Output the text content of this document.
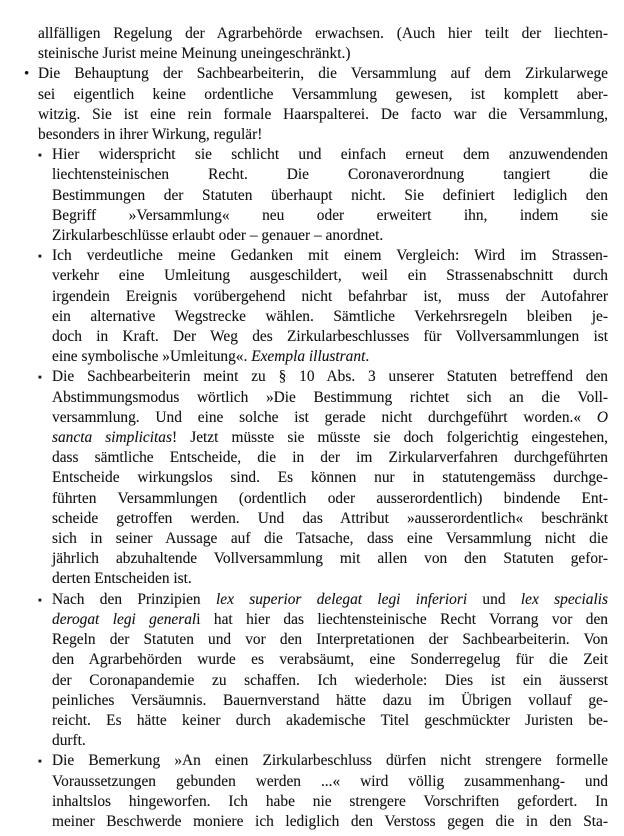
allfälligen Regelung der Agrarbehörde erwachsen. (Auch hier teilt der liechten-
steinische Jurist meine Meinung uneingeschränkt.)
• Die Behauptung der Sachbearbeiterin, die Versammlung auf dem Zirkularwege
sei eigentlich keine ordentliche Versammlung gewesen, ist komplett aber-
witzig. Sie ist eine rein formale Haarspalterei. De facto war die Versammlung,
besonders in ihrer Wirkung, regulär!
▪ Hier widerspricht sie schlicht und einfach erneut dem anzuwendenden
liechtensteinischen Recht. Die Coronaverordnung tangiert die
Bestimmungen der Statuten überhaupt nicht. Sie definiert lediglich den
Begriff »Versammlung« neu oder erweitert ihn, indem sie
Zirkularbeschlüsse erlaubt oder – genauer – anordnet.
▪ Ich verdeutliche meine Gedanken mit einem Vergleich: Wird im Strassen-
verkehr eine Umleitung ausgeschildert, weil ein Strassenabschnitt durch
irgendein Ereignis vorübergehend nicht befahrbar ist, muss der Autofahrer
ein alternative Wegstrecke wählen. Sämtliche Verkehrsregeln bleiben je-
doch in Kraft. Der Weg des Zirkularbeschlusses für Vollversammlungen ist
eine symbolische »Umleitung«. Exempla illustrant.
▪ Die Sachbearbeiterin meint zu § 10 Abs. 3 unserer Statuten betreffend den
Abstimmungsmodus wörtlich »Die Bestimmung richtet sich an die Voll-
versammlung. Und eine solche ist gerade nicht durchgeführt worden.« O
sancta simplicitas! Jetzt müsste sie müsste sie doch folgerichtig eingestehen,
dass sämtliche Entscheide, die in der im Zirkularverfahren durchgeführten
Entscheide wirkungslos sind. Es können nur in statutengemäss durchge-
führten Versammlungen (ordentlich oder ausserordentlich) bindende Ent-
scheide getroffen werden. Und das Attribut »ausserordentlich« beschränkt
sich in seiner Aussage auf die Tatsache, dass eine Versammlung nicht die
jährlich abzuhaltende Vollversammlung mit allen von den Statuten gefor-
derten Entscheiden ist.
▪ Nach den Prinzipien lex superior delegat legi inferiori und lex specialis
derogat legi generali hat hier das liechtensteinische Recht Vorrang vor den
Regeln der Statuten und vor den Interpretationen der Sachbearbeiterin. Von
den Agrarbehörden wurde es verabsäumt, eine Sonderregelug für die Zeit
der Coronapandemie zu schaffen. Ich wiederhole: Dies ist ein äusserst
peinliches Versäumnis. Bauernverstand hätte dazu im Übrigen vollauf ge-
reicht. Es hätte keiner durch akademische Titel geschmückter Juristen be-
durft.
▪ Die Bemerkung »An einen Zirkularbeschluss dürfen nicht strengere formelle
Voraussetzungen gebunden werden ...« wird völlig zusammenhang- und
inhaltslos hingeworfen. Ich habe nie strengere Vorschriften gefordert. In
meiner Beschwerde moniere ich lediglich den Verstoss gegen die in den Sta-
